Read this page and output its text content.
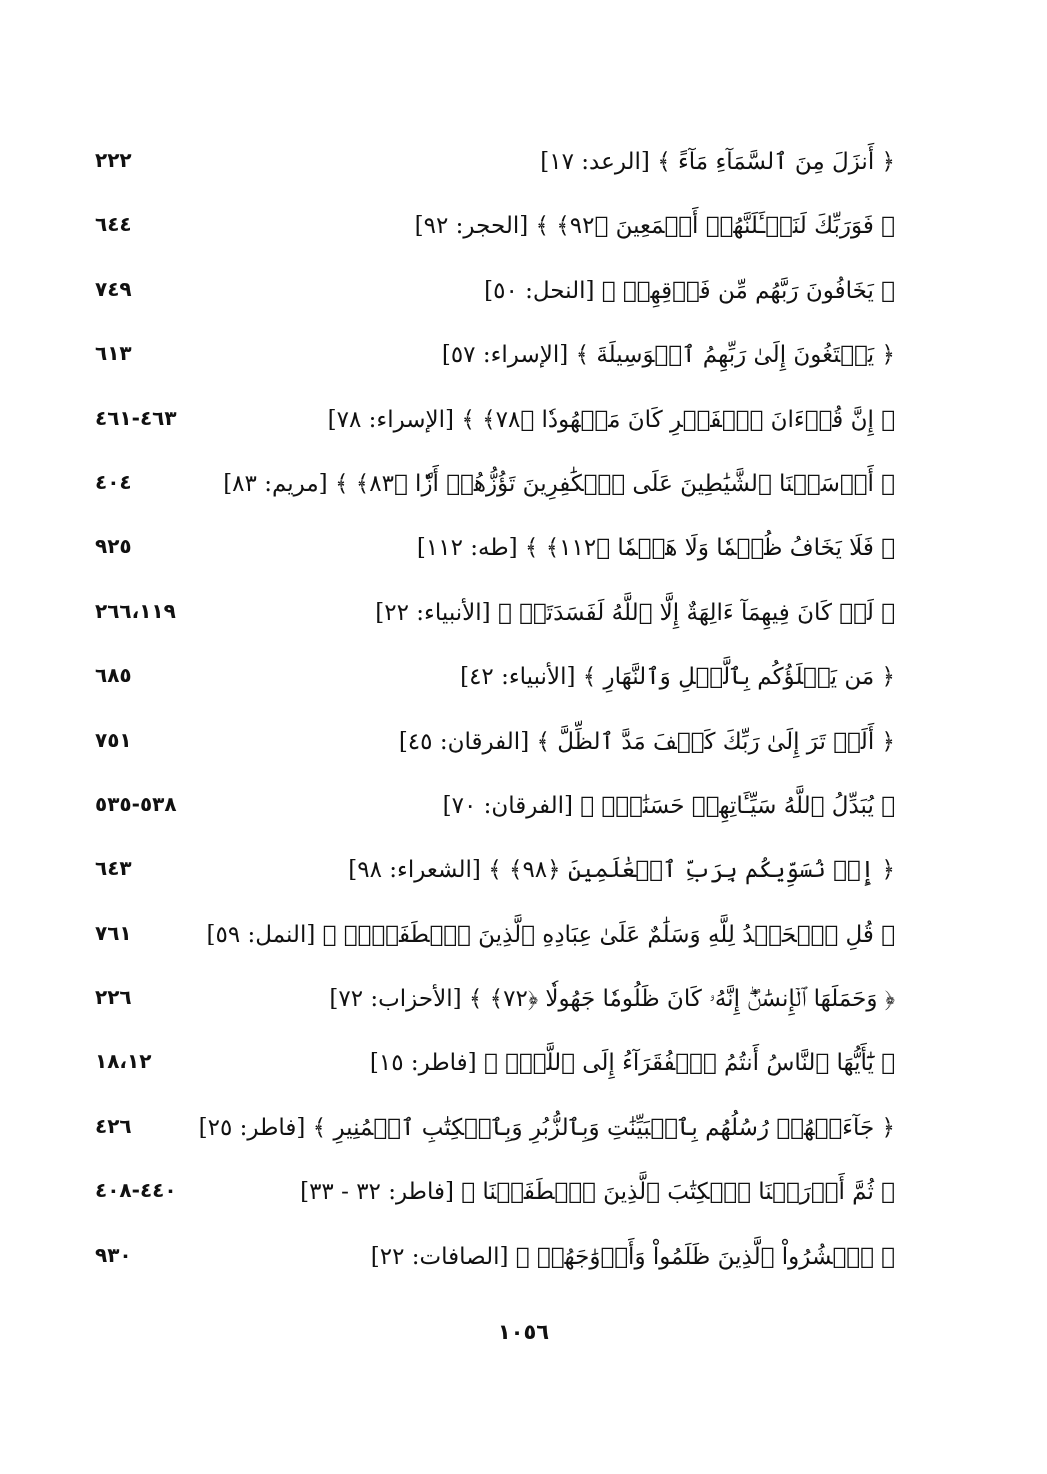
٢٢٢	﴿ أَنزَلَ مِنَ ٱلسَّمَآءِ مَآءً ﴾ [الرعد: ١٧]
٦٤٤	﴿ فَوَرَبِّكَ لَنَسۡـَٔلَنَّهُمۡ أَجۡمَعِينَ ﴿٩٢﴾ ﴾ [الحجر: ٩٢]
٧٤٩	﴿ يَخَافُونَ رَبَّهُم مِّن فَوۡقِهِمۡ ﴾ [النحل: ٥٠]
٦١٣	﴿ يَبۡتَغُونَ إِلَىٰ رَبِّهِمُ ٱلۡوَسِيلَةَ ﴾ [الإسراء: ٥٧]
٤٦٣-٤٦١	﴿ إِنَّ قُرۡءَانَ ٱلۡفَجۡرِ كَانَ مَشۡهُودٗا ﴿٧٨﴾ ﴾ [الإسراء: ٧٨]
٤٠٤	﴿ أَرۡسَلۡنَا ٱلشَّيَٰطِينَ عَلَى ٱلۡكَٰفِرِينَ تَؤُزُّهُمۡ أَزّٗا ﴿٨٣﴾ ﴾ [مريم: ٨٣]
٩٢٥	﴿ فَلَا يَخَافُ ظُلۡمٗا وَلَا هَضۡمٗا ﴿١١٢﴾ ﴾ [طه: ١١٢]
٢٦٦،١١٩	﴿ لَوۡ كَانَ فِيهِمَآ ءَالِهَةٌ إِلَّا ٱللَّهُ لَفَسَدَتَاۚ ﴾ [الأنبياء: ٢٢]
٦٨٥	﴿ مَن يَكۡلَؤُكُم بِٱلَّيۡلِ وَٱلنَّهَارِ ﴾ [الأنبياء: ٤٢]
٧٥١	﴿ أَلَمۡ تَرَ إِلَىٰ رَبِّكَ كَيۡفَ مَدَّ ٱلظِّلَّ ﴾ [الفرقان: ٤٥]
٥٣٨-٥٣٥	﴿ يُبَدِّلُ ٱللَّهُ سَيِّـَٔاتِهِمۡ حَسَنَٰتٖۗ ﴾ [الفرقان: ٧٠]
٦٤٣	﴿ إِذۡ نُسَوِّيكُم بِرَبِّ ٱلۡعَٰلَمِينَ ﴿٩٨﴾ ﴾ [الشعراء: ٩٨]
٧٦١	﴿ قُلِ ٱلۡحَمۡدُ لِلَّهِ وَسَلَٰمٌ عَلَىٰ عِبَادِهِ ٱلَّذِينَ ٱصۡطَفَىٰٓۗ ﴾ [النمل: ٥٩]
٢٢٦	﴿ وَحَمَلَهَا ٱلۡإِنسَٰنُۖ إِنَّهُۥ كَانَ ظَلُومٗا جَهُولٗا ﴿٧٢﴾ ﴾ [الأحزاب: ٧٢]
١٨،١٢	﴿ يَٰٓأَيُّهَا ٱلنَّاسُ أَنتُمُ ٱلۡفُقَرَآءُ إِلَى ٱللَّهِۖ ﴾ [فاطر: ١٥]
٤٢٦	﴿ جَآءَتۡهُمۡ رُسُلُهُم بِٱلۡبَيِّنَٰتِ وَبِٱلزُّبُرِ وَبِٱلۡكِتَٰبِ ٱلۡمُنِيرِ ﴾ [فاطر: ٢٥]
٤٤٠-٤٠٨	﴿ ثُمَّ أَوۡرَثۡنَا ٱلۡكِتَٰبَ ٱلَّذِينَ ٱصۡطَفَيۡنَا ﴾ [فاطر: ٣٢ - ٣٣]
٩٣٠	﴿ ٱحۡشُرُواْ ٱلَّذِينَ ظَلَمُواْ وَأَزۡوَٰجَهُمۡ ﴾ [الصافات: ٢٢]
١٠٥٦
